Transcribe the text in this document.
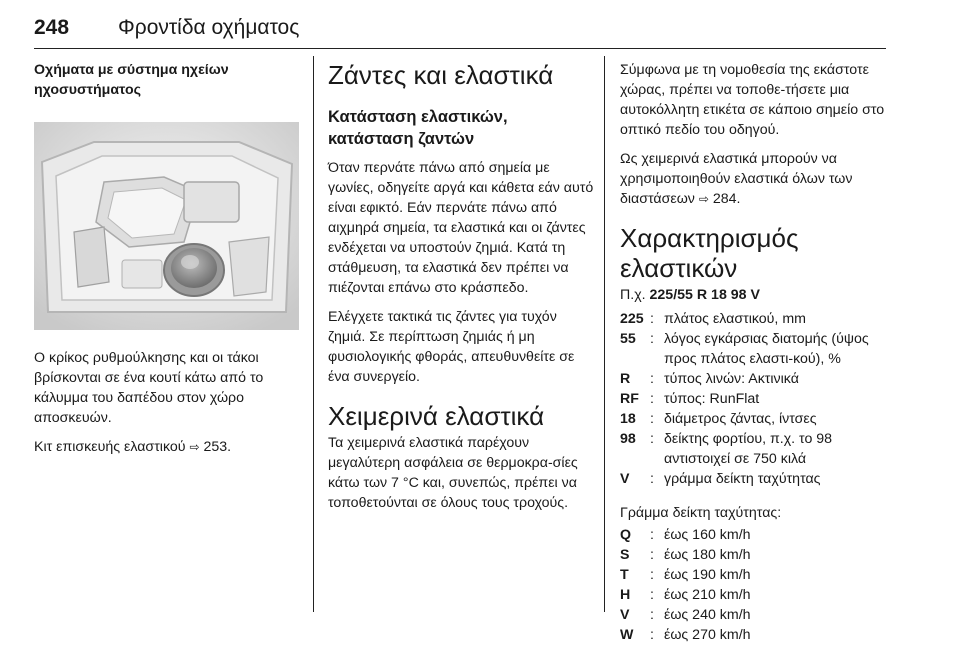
248 Φροντίδα οχήματος
Οχήματα με σύστημα ηχείων ηχοσυστήματος

Ο κρίκος ρυθμούλκησης και οι τάκοι βρίσκονται σε ένα κουτί κάτω από το κάλυμμα του δαπέδου στον χώρο αποσκευών.

Κιτ επισκευής ελαστικού ⇨ 253.

Ζάντες και ελαστικά
Κατάσταση ελαστικών, κατάσταση ζαντών

Όταν περνάτε πάνω από σημεία με γωνίες, οδηγείτε αργά και κάθετα εάν αυτό είναι εφικτό. Εάν περνάτε πάνω από αιχμηρά σημεία, τα ελαστικά και οι ζάντες ενδέχεται να υποστούν ζημιά. Κατά τη στάθμευση, τα ελαστικά δεν πρέπει να πιέζονται επάνω στο κράσπεδο.

Ελέγχετε τακτικά τις ζάντες για τυχόν ζημιά. Σε περίπτωση ζημιάς ή μη φυσιολογικής φθοράς, απευθυνθείτε σε ένα συνεργείο.

Χειμερινά ελαστικά

Τα χειμερινά ελαστικά παρέχουν μεγαλύτερη ασφάλεια σε θερμοκρα-σίες κάτω των 7 °C και, συνεπώς, πρέπει να τοποθετούνται σε όλους τους τροχούς.

Σύμφωνα με τη νομοθεσία της εκάστοτε χώρας, πρέπει να τοποθε-τήσετε μια αυτοκόλλητη ετικέτα σε κάποιο σημείο στο οπτικό πεδίο του οδηγού.

Ως χειμερινά ελαστικά μπορούν να χρησιμοποιηθούν ελαστικά όλων των διαστάσεων ⇨ 284.

Χαρακτηρισμός ελαστικών

Π.χ. 225/55 R 18 98 V

225	:	πλάτος ελαστικού, mm
55	:	λόγος εγκάρσιας διατομής (ύψος προς πλάτος ελαστι-κού), %
R	:	τύπος λινών: Ακτινικά
RF	:	τύπος: RunFlat
18	:	διάμετρος ζάντας, ίντσες
98	:	δείκτης φορτίου, π.χ. το 98 αντιστοιχεί σε 750 κιλά
V	:	γράμμα δείκτη ταχύτητας

Γράμμα δείκτη ταχύτητας:

Q	:	έως 160 km/h
S	:	έως 180 km/h
T	:	έως 190 km/h
H	:	έως 210 km/h
V	:	έως 240 km/h
W	:	έως 270 km/h
